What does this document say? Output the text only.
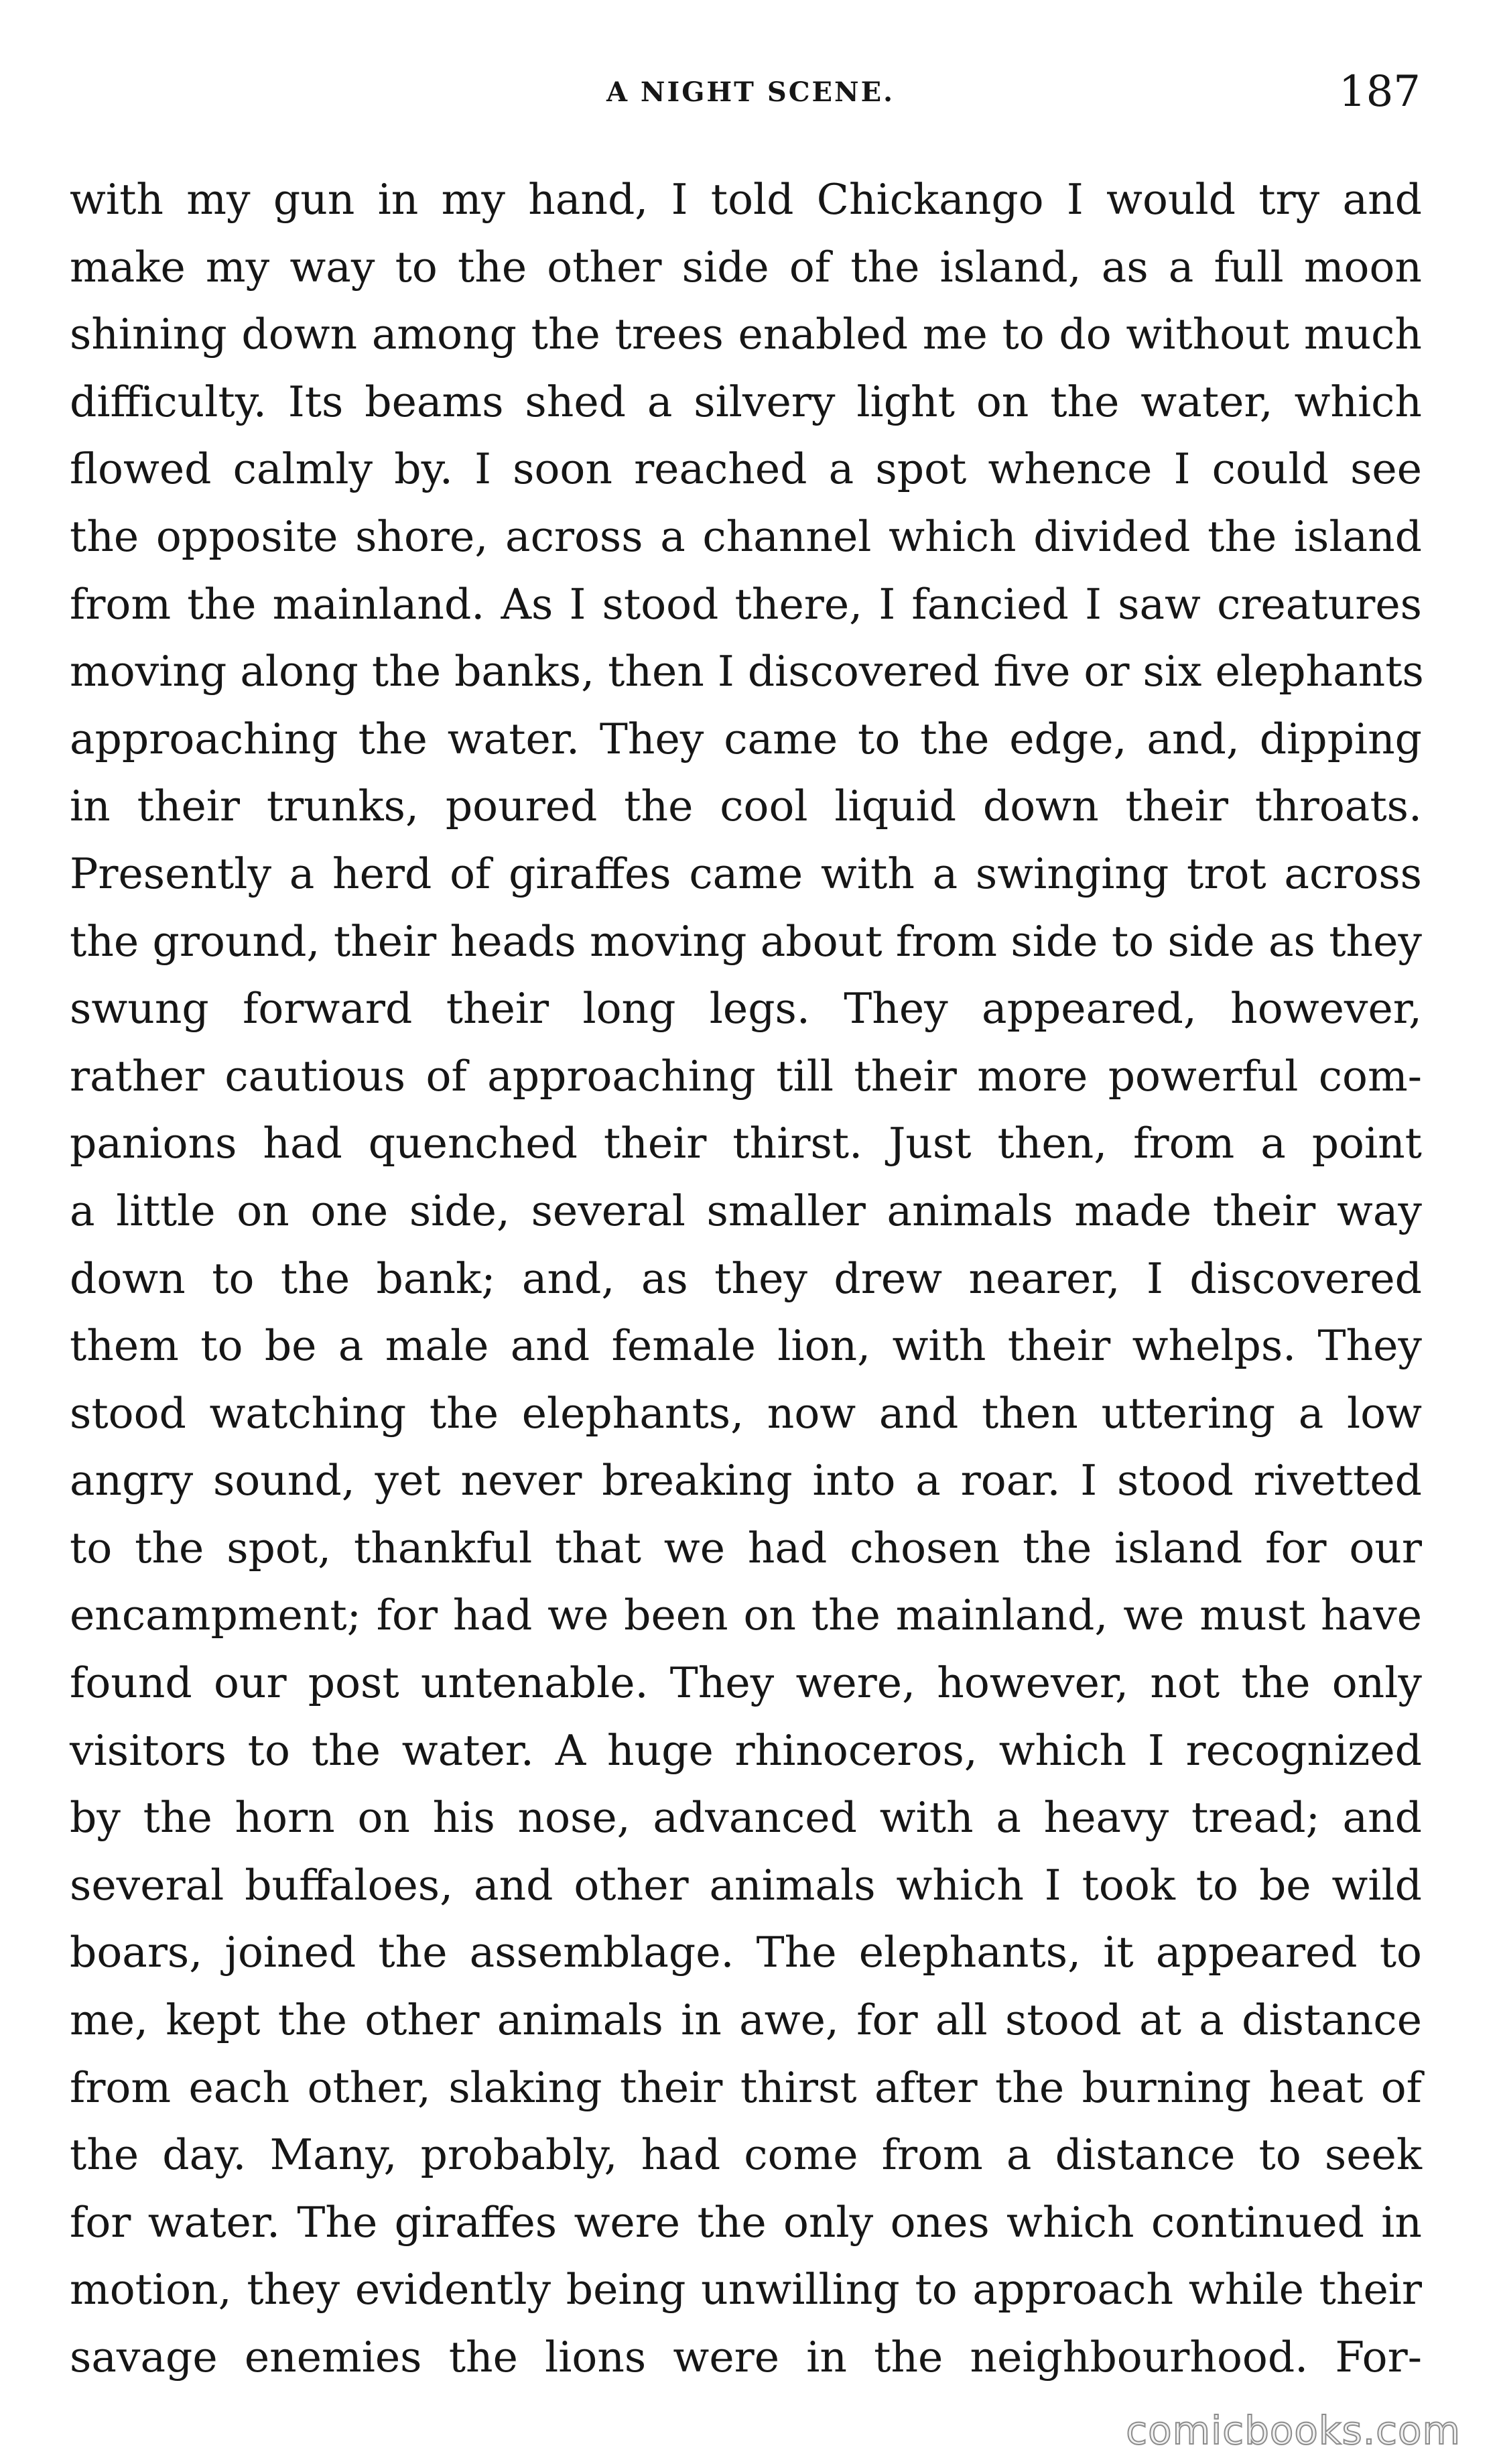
A NIGHT SCENE.	187
with my gun in my hand, I told Chickango I would try and
make my way to the other side of the island, as a full moon
shining down among the trees enabled me to do without much
difficulty. Its beams shed a silvery light on the water, which
flowed calmly by. I soon reached a spot whence I could see
the opposite shore, across a channel which divided the island
from the mainland. As I stood there, I fancied I saw creatures
moving along the banks, then I discovered five or six elephants
approaching the water. They came to the edge, and, dipping
in their trunks, poured the cool liquid down their throats.
Presently a herd of giraffes came with a swinging trot across
the ground, their heads moving about from side to side as they
swung forward their long legs. They appeared, however,
rather cautious of approaching till their more powerful com-
panions had quenched their thirst. Just then, from a point
a little on one side, several smaller animals made their way
down to the bank; and, as they drew nearer, I discovered
them to be a male and female lion, with their whelps. They
stood watching the elephants, now and then uttering a low
angry sound, yet never breaking into a roar. I stood rivetted
to the spot, thankful that we had chosen the island for our
encampment; for had we been on the mainland, we must have
found our post untenable. They were, however, not the only
visitors to the water. A huge rhinoceros, which I recognized
by the horn on his nose, advanced with a heavy tread; and
several buffaloes, and other animals which I took to be wild
boars, joined the assemblage. The elephants, it appeared to
me, kept the other animals in awe, for all stood at a distance
from each other, slaking their thirst after the burning heat of
the day. Many, probably, had come from a distance to seek
for water. The giraffes were the only ones which continued in
motion, they evidently being unwilling to approach while their
savage enemies the lions were in the neighbourhood. For-
comicbooks.com
